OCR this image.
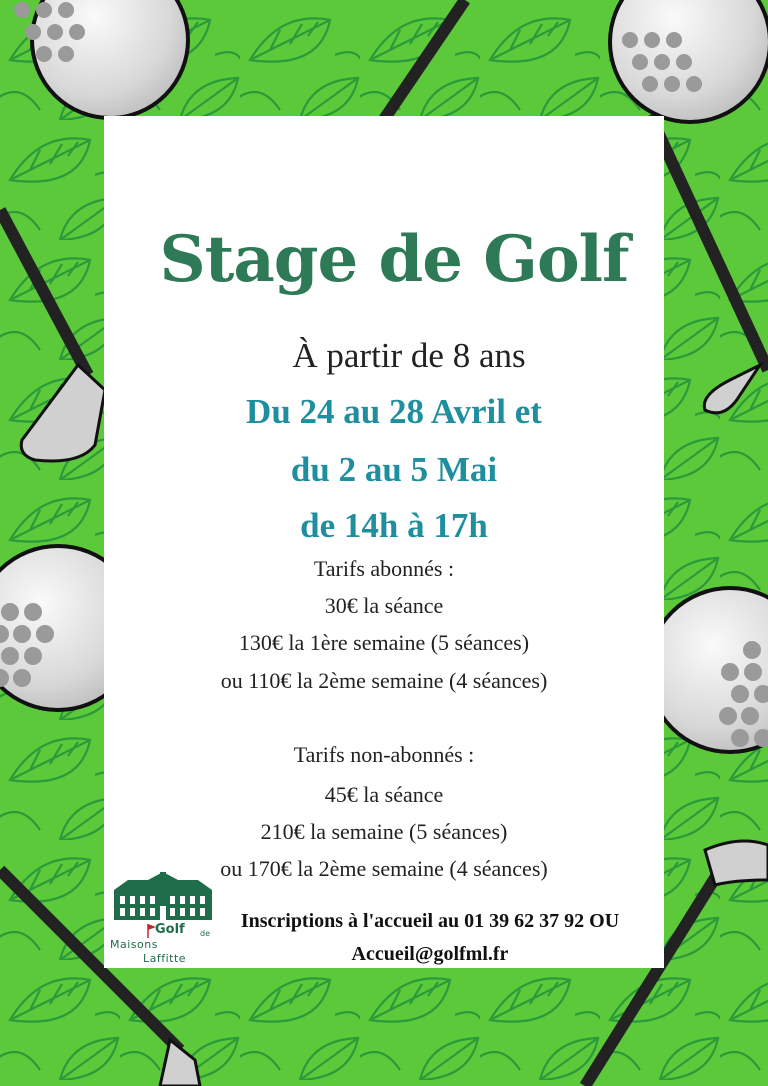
Stage de Golf
À partir de 8 ans
Du 24 au 28 Avril et
du 2 au 5 Mai
de 14h à 17h
Tarifs abonnés :
30€ la séance
130€ la 1ère semaine (5 séances)
ou 110€ la 2ème semaine (4 séances)
Tarifs non-abonnés :
45€ la séance
210€ la semaine (5 séances)
ou 170€ la 2ème semaine (4 séances)
Golf de
Maisons
Laffitte
Inscriptions à l'accueil au 01 39 62 37 92 OU
Accueil@golfml.fr
